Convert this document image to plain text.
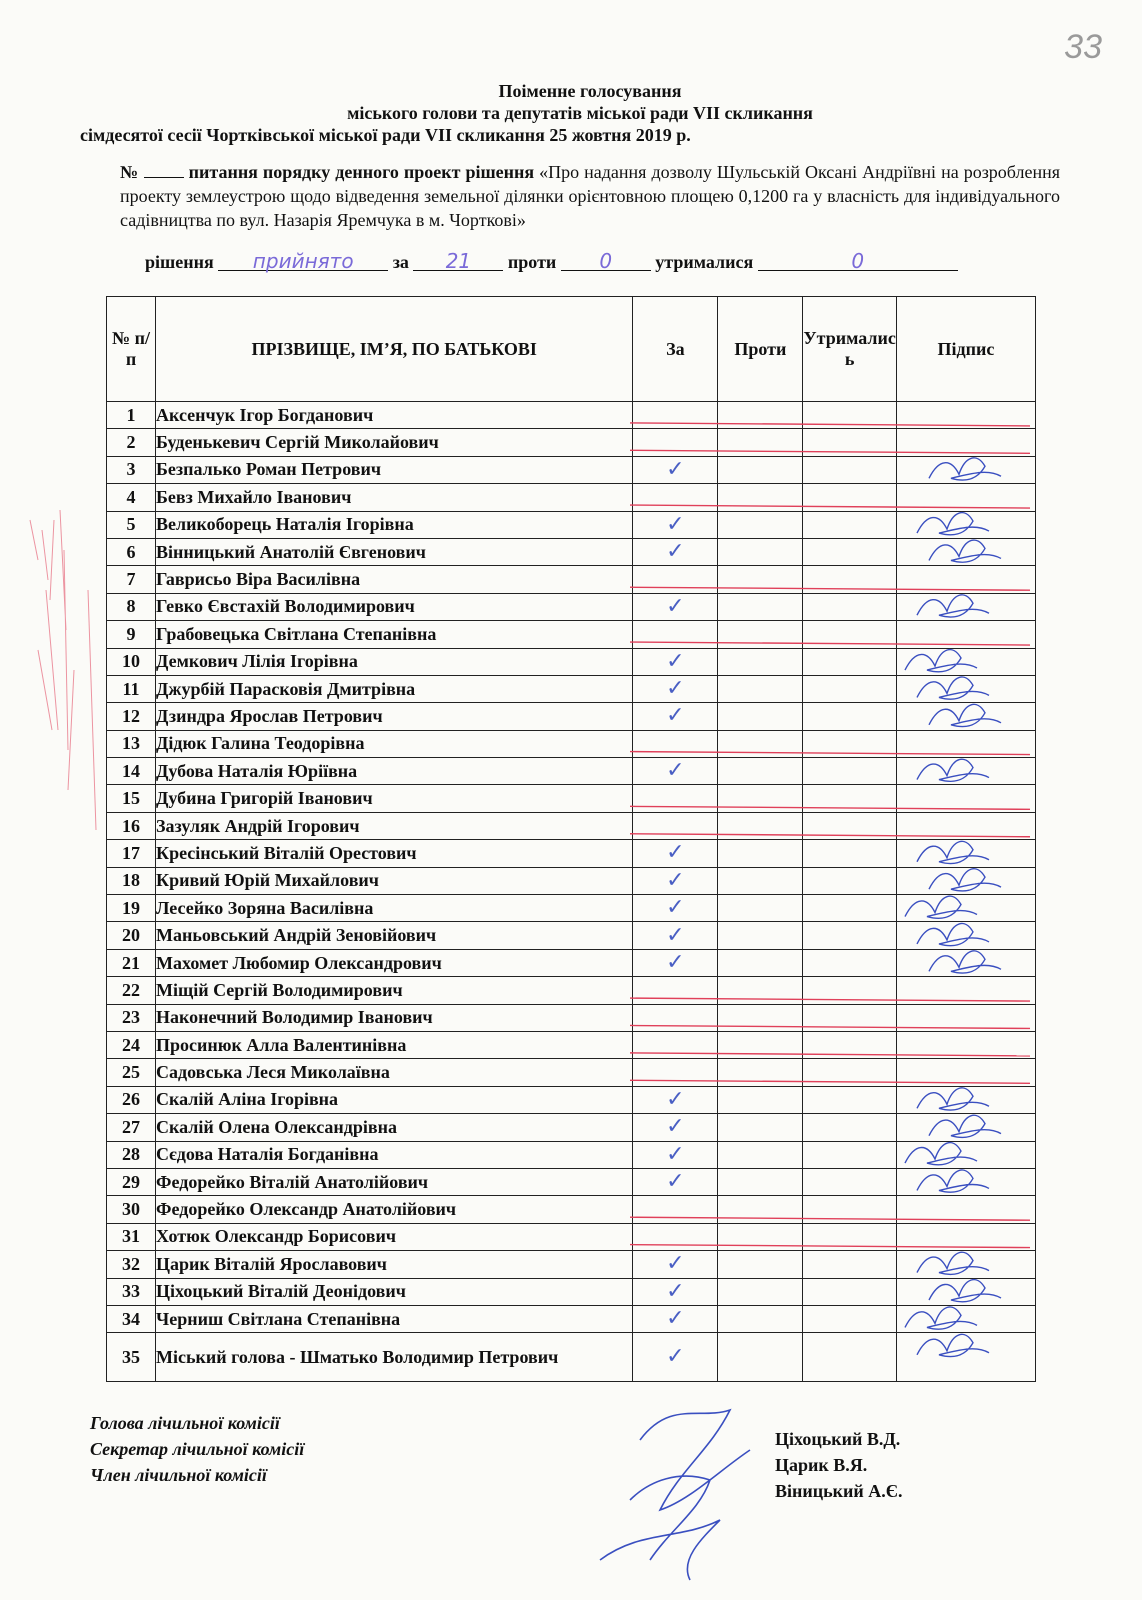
33
Поіменне голосування
міського голови та депутатів міської ради VII скликання
сімдесятої сесії Чортківської міської ради VII скликання 25 жовтня 2019 р.
№	питання порядку денного проект рішення «Про надання дозволу Шульській Оксані Андріївні на розроблення проекту землеустрою щодо відведення земельної ділянки орієнтовною площею 0,1200 га у власність для індивідуального садівництва по вул. Назарія Яремчука в м. Чорткові»
рішення прийнято за 21 проти 0 утрималися	0
№ п/п	ПРІЗВИЩЕ, ІМ’Я, ПО БАТЬКОВІ	За	Проти	Утрималис ь	Підпис
1	Аксенчук Ігор Богданович				
2	Буденькевич Сергій Миколайович				
3	Безпалько Роман Петрович	✓			
4	Бевз Михайло Іванович				
5	Великоборець Наталія Ігорівна	✓			
6	Вінницький Анатолій Євгенович	✓			
7	Гаврисьо Віра Василівна				
8	Гевко Євстахій Володимирович	✓			
9	Грабовецька Світлана Степанівна				
10	Демкович Лілія Ігорівна	✓			
11	Джурбій Парасковія Дмитрівна	✓			
12	Дзиндра Ярослав Петрович	✓			
13	Дідюк Галина Теодорівна				
14	Дубова Наталія Юріївна	✓			
15	Дубина Григорій Іванович				
16	Зазуляк Андрій Ігорович				
17	Кресінський Віталій Орестович	✓			
18	Кривий Юрій Михайлович	✓			
19	Лесейко Зоряна Василівна	✓			
20	Маньовський Андрій Зеновійович	✓			
21	Махомет Любомир Олександрович	✓			
22	Міщій Сергій Володимирович				
23	Наконечний Володимир Іванович				
24	Просинюк Алла Валентинівна				
25	Садовська Леся Миколаївна				
26	Скалій Аліна Ігорівна	✓			
27	Скалій Олена Олександрівна	✓			
28	Сєдова Наталія Богданівна	✓			
29	Федорейко Віталій Анатолійович	✓			
30	Федорейко Олександр Анатолійович				
31	Хотюк Олександр Борисович				
32	Царик Віталій Ярославович	✓			
33	Ціхоцький Віталій Деонідович	✓			
34	Черниш Світлана Степанівна	✓			
35	Міський голова - Шматько Володимир Петрович	✓			
Голова лічильної комісії
Секретар лічильної комісії
Член лічильної комісії
Ціхоцький В.Д.
Царик В.Я.
Віницький А.Є.
